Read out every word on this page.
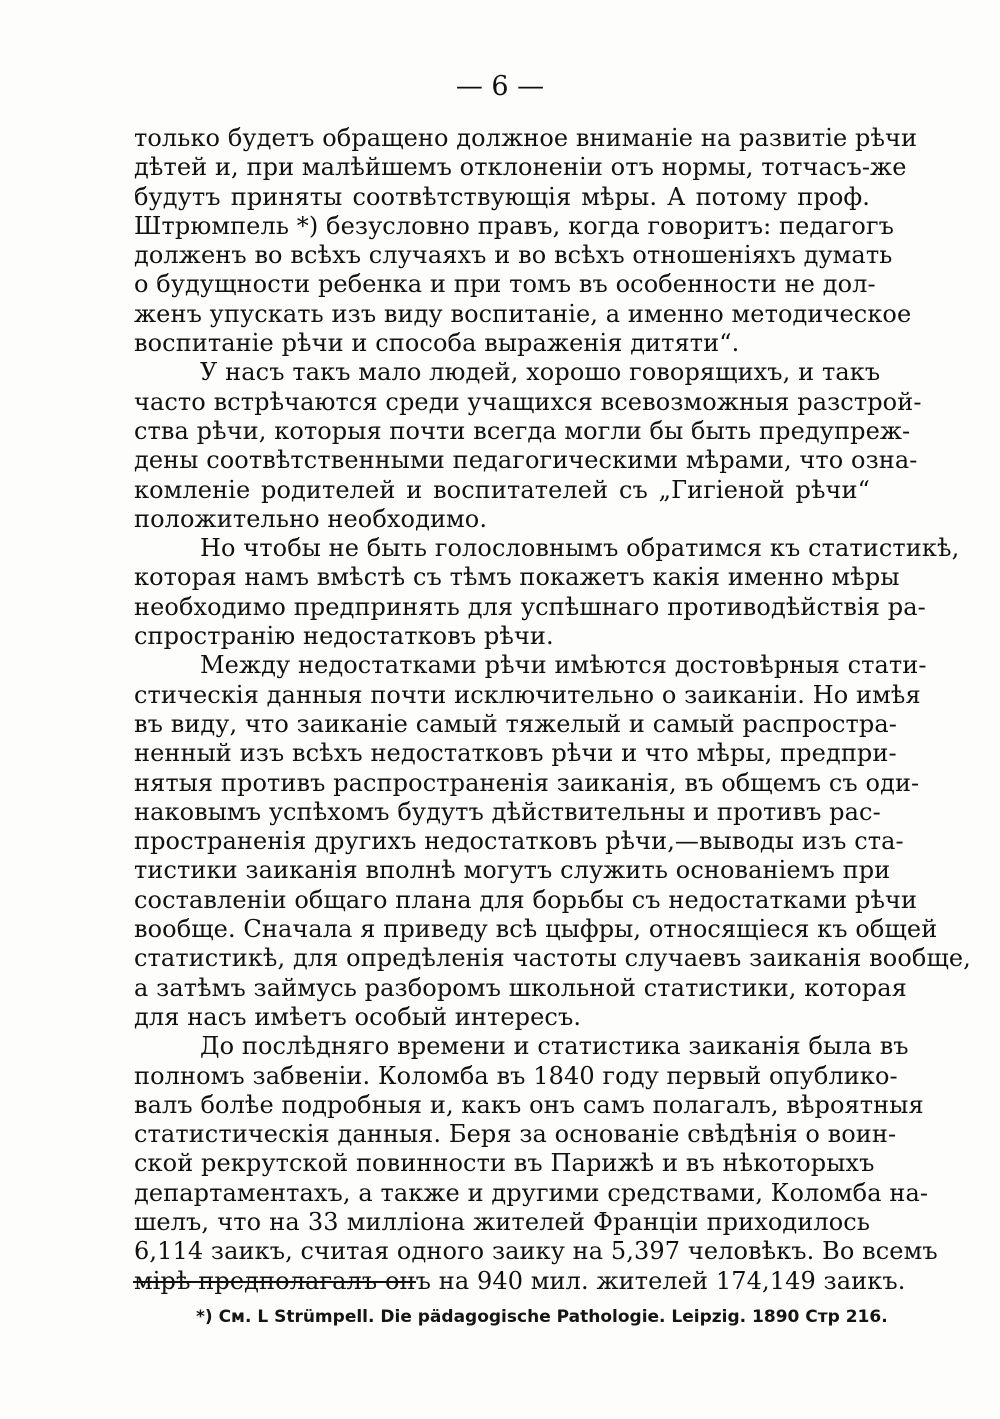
— 6 —
только будетъ обращено должное вниманіе на развитіе рѣчи
дѣтей и, при малѣйшемъ отклоненіи отъ нормы, тотчасъ-же
будутъ приняты соотвѣтствующія мѣры. А потому проф.
Штрюмпель *) безусловно правъ, когда говоритъ: педагогъ
долженъ во всѣхъ случаяхъ и во всѣхъ отношеніяхъ думать
о будущности ребенка и при томъ въ особенности не дол-
женъ упускать изъ виду воспитаніе, а именно методическое
воспитаніе рѣчи и способа выраженія дитяти“.
У насъ такъ мало людей, хорошо говорящихъ, и такъ
часто встрѣчаются среди учащихся всевозможныя разстрой-
ства рѣчи, которыя почти всегда могли бы быть предупреж-
дены соотвѣтственными педагогическими мѣрами, что озна-
комленіе родителей и воспитателей съ „Гигіеной рѣчи“
положительно необходимо.
Но чтобы не быть голословнымъ обратимся къ статистикѣ,
которая намъ вмѣстѣ съ тѣмъ покажетъ какія именно мѣры
необходимо предпринять для успѣшнаго противодѣйствія ра-
спространію недостатковъ рѣчи.
Между недостатками рѣчи имѣются достовѣрныя стати-
стическія данныя почти исключительно о заиканіи. Но имѣя
въ виду, что заиканіе самый тяжелый и самый распростра-
ненный изъ всѣхъ недостатковъ рѣчи и что мѣры, предпри-
нятыя противъ распространенія заиканія, въ общемъ съ оди-
наковымъ успѣхомъ будутъ дѣйствительны и противъ рас-
пространенія другихъ недостатковъ рѣчи,—выводы изъ ста-
тистики заиканія вполнѣ могутъ служить основаніемъ при
составленіи общаго плана для борьбы съ недостатками рѣчи
вообще. Сначала я приведу всѣ цыфры, относящіеся къ общей
статистикѣ, для опредѣленія частоты случаевъ заиканія вообще,
а затѣмъ займусь разборомъ школьной статистики, которая
для насъ имѣетъ особый интересъ.
До послѣдняго времени и статистика заиканія была въ
полномъ забвеніи. Коломба въ 1840 году первый опублико-
валъ болѣе подробныя и, какъ онъ самъ полагалъ, вѣроятныя
статистическія данныя. Беря за основаніе свѣдѣнія о воин-
ской рекрутской повинности въ Парижѣ и въ нѣкоторыхъ
департаментахъ, а также и другими средствами, Коломба на-
шелъ, что на 33 милліона жителей Франціи приходилось
6,114 заикъ, считая одного заику на 5,397 человѣкъ. Во всемъ
мірѣ предполагалъ онъ на 940 мил. жителей 174,149 заикъ.
*) См. L Strümpell. Die pädagogische Pathologie. Leipzig. 1890 Стр 216.
